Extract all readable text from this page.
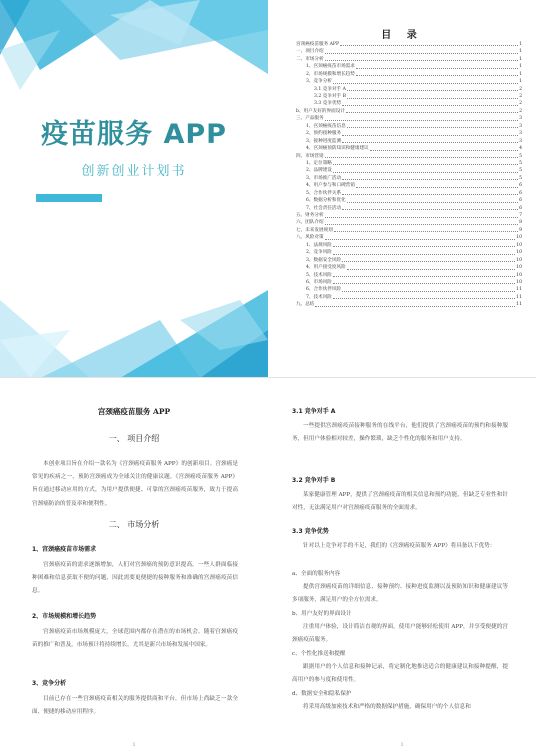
疫苗服务 APP
创新创业计划书
目 录
宫颈癌疫苗服务 APP	1
一、项目介绍	1
二、市场分析	1
1、宫颈癌疫苗市场需求	1
2、市场规模和增长趋势	1
3、竞争分析	1
3.1 竞争对手 A	2
3.2 竞争对手 B	2
3.3 竞争优势	2
b、用户友好的界面设计	2
三、产品服务	3
1、宫颈癌疫苗信息	3
2、预约接种服务	3
3、接种进度监测	3
4、宫颈癌预防知识和健康建议	4
四、市场营销	5
1、定位策略	5
2、品牌建设	5
3、市场推广活动	5
4、用户参与和口碑营销	6
5、合作伙伴关系	6
6、数据分析和优化	6
7、社会责任活动	6
五、财务分析	7
六、团队介绍	8
七、未来发展规划	9
八、风险对策	10
1、法规风险	10
2、竞争风险	10
3、数据安全风险	10
4、用户接受度风险	10
5、技术风险	10
6、市场风险	10
6、合作伙伴风险	11
7、技术风险	11
九、总结	11
宫颈癌疫苗服务 APP
一、 项目介绍

本创业项目旨在介绍一款名为《宫颈癌疫苗服务 APP》的创新项目。宫颈癌是常见的疾病之一，预防宫颈癌成为全球关注的健康议题。《宫颈癌疫苗服务 APP》旨在通过移动应用的方式，为用户提供便捷、可靠的宫颈癌疫苗服务，致力于提高宫颈癌防治的普及率和便利性。

二、 市场分析
1、宫颈癌疫苗市场需求

宫颈癌疫苗的需求逐渐增加，人们对宫颈癌的预防意识提高。一些人群面临接种困难和信息获取不便的问题，因此需要更便捷的接种服务和准确的宫颈癌疫苗信息。

2、市场规模和增长趋势

宫颈癌疫苗市场规模庞大，全球范围内都存在潜在的市场机会。随着宫颈癌疫苗的推广和普及，市场预计将持续增长，尤其是新兴市场和发展中国家。

3、竞争分析

目前已存在一些宫颈癌疫苗相关的服务提供商和平台，但市场上尚缺乏一款全面、便捷的移动应用程序。

1
3.1 竞争对手 A

一些提供宫颈癌疫苗接种服务的在线平台，他们提供了宫颈癌疫苗的预约和接种服务，但用户体验相对较差，操作繁琐，缺乏个性化的服务和用户支持。

3.2 竞争对手 B

某家健康管理 APP，提供了宫颈癌疫苗的相关信息和预约功能，但缺乏专业性和针对性，无法满足用户对宫颈癌疫苗服务的全面需求。

3.3 竞争优势

针对以上竞争对手的不足，我们的《宫颈癌疫苗服务 APP》将具备以下优势：

a、全面的服务内容

提供宫颈癌疫苗的详细信息、接种预约、接种进度监测以及预防知识和健康建议等多项服务，满足用户的全方位需求。

b、用户友好的界面设计

注重用户体验，设计简洁直观的界面，使用户能够轻松使用 APP，并享受便捷的宫颈癌疫苗服务。

c、个性化推送和提醒

跟据用户的个人信息和接种记录，将定制化地推送适合的健康建议和接种提醒，提高用户的参与度和使用性。

d、数据安全和隐私保护

将采用高级加密技术和严格的数据保护措施，确保用户的个人信息和

1
